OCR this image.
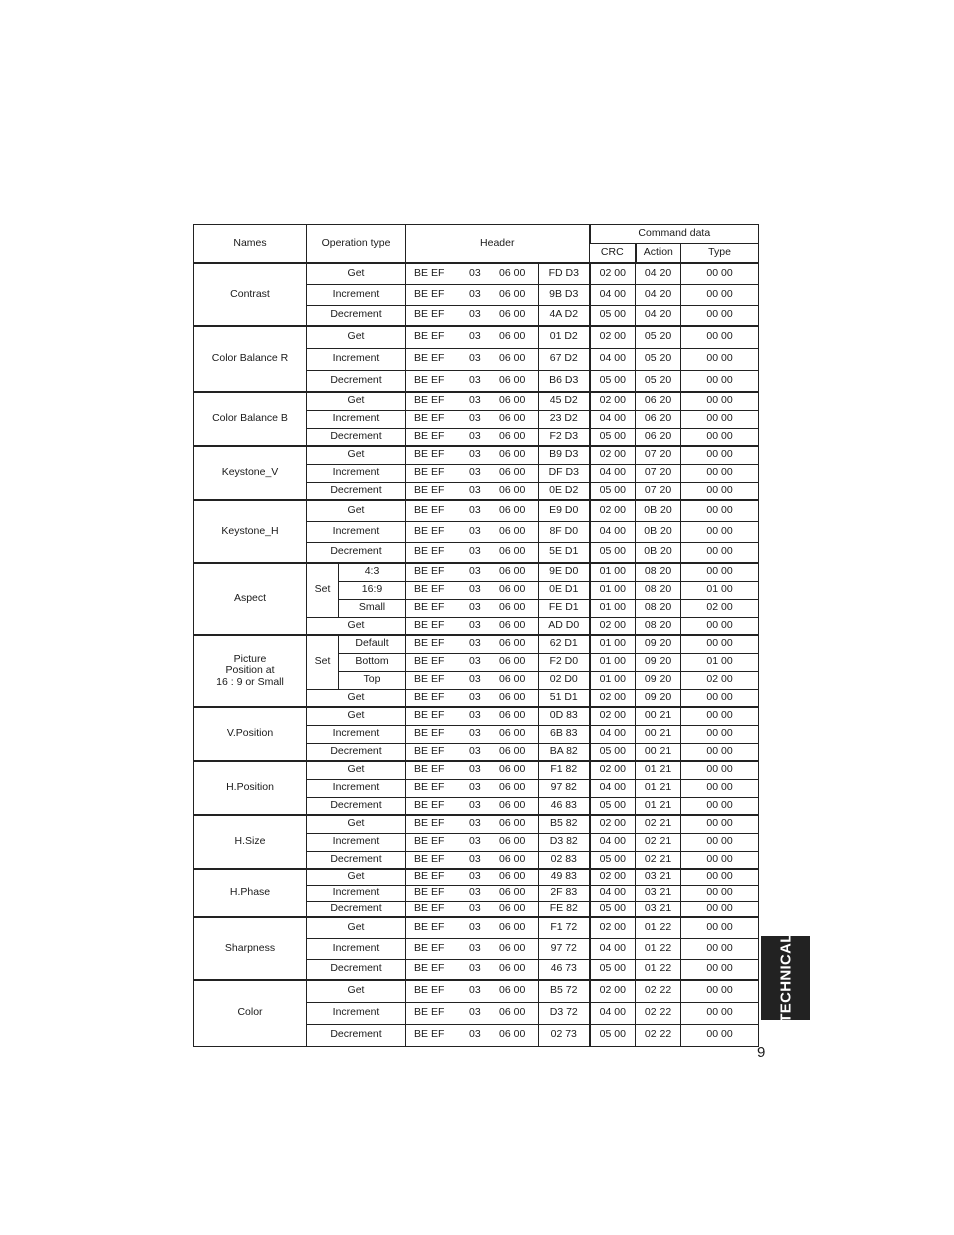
Names	Operation type		Header		Command data			
					CRC	Action	Type	
Contrast	Get		BE EF 03 06 00	FD D3	02 00	04 20	00 00	
	Increment		BE EF 03 06 00	9B D3	04 00	04 20	00 00	
	Decrement		BE EF 03 06 00	4A D2	05 00	04 20	00 00	
Color Balance R	Get		BE EF 03 06 00	01 D2	02 00	05 20	00 00	
	Increment		BE EF 03 06 00	67 D2	04 00	05 20	00 00	
	Decrement		BE EF 03 06 00	B6 D3	05 00	05 20	00 00	
Color Balance B	Get		BE EF 03 06 00	45 D2	02 00	06 20	00 00	
	Increment		BE EF 03 06 00	23 D2	04 00	06 20	00 00	
	Decrement		BE EF 03 06 00	F2 D3	05 00	06 20	00 00	
Keystone_V	Get		BE EF 03 06 00	B9 D3	02 00	07 20	00 00	
	Increment		BE EF 03 06 00	DF D3	04 00	07 20	00 00	
	Decrement		BE EF 03 06 00	0E D2	05 00	07 20	00 00	
Keystone_H	Get		BE EF 03 06 00	E9 D0	02 00	0B 20	00 00	
	Increment		BE EF 03 06 00	8F D0	04 00	0B 20	00 00	
	Decrement		BE EF 03 06 00	5E D1	05 00	0B 20	00 00	
Aspect	Set	4:3	BE EF 03 06 00	9E D0	01 00	08 20	00 00	
		16:9	BE EF 03 06 00	0E D1	01 00	08 20	01 00	
		Small	BE EF 03 06 00	FE D1	01 00	08 20	02 00	
	Get		BE EF 03 06 00	AD D0	02 00	08 20	00 00	

Picture
Position at
16 : 9 or Small	Set	Default	BE EF 03 06 00	62 D1	01 00	09 20	00 00	
		Bottom	BE EF 03 06 00	F2 D0	01 00	09 20	01 00	
		Top	BE EF 03 06 00	02 D0	01 00	09 20	02 00	
	Get		BE EF 03 06 00	51 D1	02 00	09 20	00 00	
V.Position	Get		BE EF 03 06 00	0D 83	02 00	00 21	00 00	
	Increment		BE EF 03 06 00	6B 83	04 00	00 21	00 00	
	Decrement		BE EF 03 06 00	BA 82	05 00	00 21	00 00	
H.Position	Get		BE EF 03 06 00	F1 82	02 00	01 21	00 00	
	Increment		BE EF 03 06 00	97 82	04 00	01 21	00 00	
	Decrement		BE EF 03 06 00	46 83	05 00	01 21	00 00	
H.Size	Get		BE EF 03 06 00	B5 82	02 00	02 21	00 00	
	Increment		BE EF 03 06 00	D3 82	04 00	02 21	00 00	
	Decrement		BE EF 03 06 00	02 83	05 00	02 21	00 00	
H.Phase	Get		BE EF 03 06 00	49 83	02 00	03 21	00 00	
	Increment		BE EF 03 06 00	2F 83	04 00	03 21	00 00	
	Decrement		BE EF 03 06 00	FE 82	05 00	03 21	00 00	
Sharpness	Get		BE EF 03 06 00	F1 72	02 00	01 22	00 00	
	Increment		BE EF 03 06 00	97 72	04 00	01 22	00 00	
	Decrement		BE EF 03 06 00	46 73	05 00	01 22	00 00	
Color	Get		BE EF 03 06 00	B5 72	02 00	02 22	00 00	
	Increment		BE EF 03 06 00	D3 72	04 00	02 22	00 00	
	Decrement		BE EF 03 06 00	02 73	05 00	02 22	00 00	
TECHNICAL
9
